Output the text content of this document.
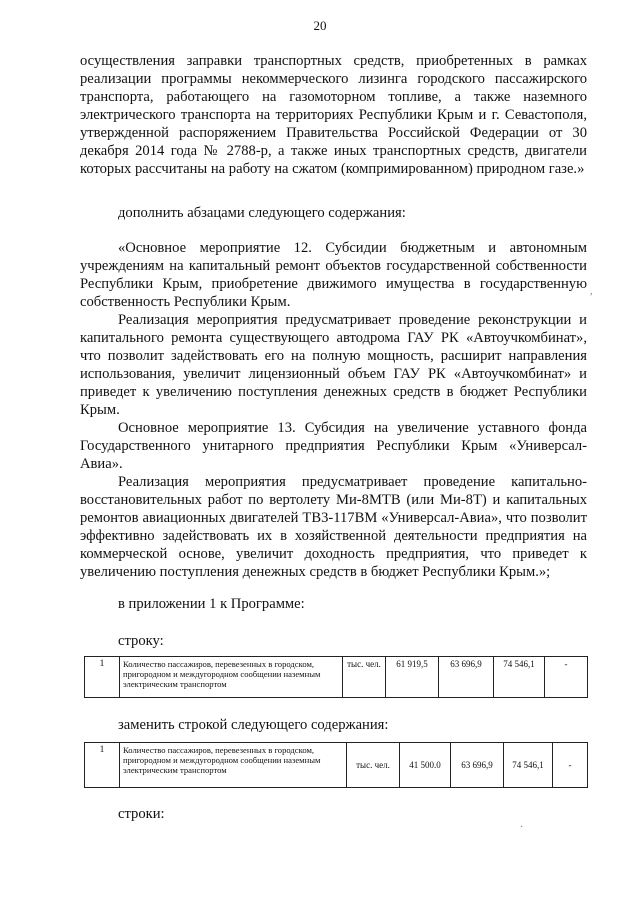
20

осуществления заправки транспортных средств, приобретенных в рамках реализации программы некоммерческого лизинга городского пассажирского транспорта, работающего на газомоторном топливе, а также наземного электрического транспорта на территориях Республики Крым и г. Севастополя, утвержденной распоряжением Правительства Российской Федерации от 30 декабря 2014 года № 2788-р, а также иных транспортных средств, двигатели которых рассчитаны на работу на сжатом (компримированном) природном газе.»

дополнить абзацами следующего содержания:

«Основное мероприятие 12. Субсидии бюджетным и автономным учреждениям на капитальный ремонт объектов государственной собственности Республики Крым, приобретение движимого имущества в государственную собственность Республики Крым.

Реализация мероприятия предусматривает проведение реконструкции и капитального ремонта существующего автодрома ГАУ РК «Автоучкомбинат», что позволит задействовать его на полную мощность, расширит направления использования, увеличит лицензионный объем ГАУ РК «Автоучкомбинат» и приведет к увеличению поступления денежных средств в бюджет Республики Крым.

Основное мероприятие 13. Субсидия на увеличение уставного фонда Государственного унитарного предприятия Республики Крым «Универсал-Авиа».

Реализация мероприятия предусматривает проведение капитально-восстановительных работ по вертолету Ми-8МТВ (или Ми-8Т) и капитальных ремонтов авиационных двигателей ТВ3-117ВМ «Универсал-Авиа», что позволит эффективно задействовать их в хозяйственной деятельности предприятия на коммерческой основе, увеличит доходность предприятия, что приведет к увеличению поступления денежных средств в бюджет Республики Крым.»;

в приложении 1 к Программе:
строку:
1	Количество пассажиров, перевезенных в городском, пригородном и междугородном сообщении наземным электрическим транспортом	тыс. чел.	61 919,5	63 696,9	74 546,1	-
заменить строкой следующего содержания:
1	Количество пассажиров, перевезенных в городском, пригородном и междугородном сообщении наземным электрическим транспортом	тыс. чел.	41 500.0	63 696,9	74 546,1	-
строки:
,
·
